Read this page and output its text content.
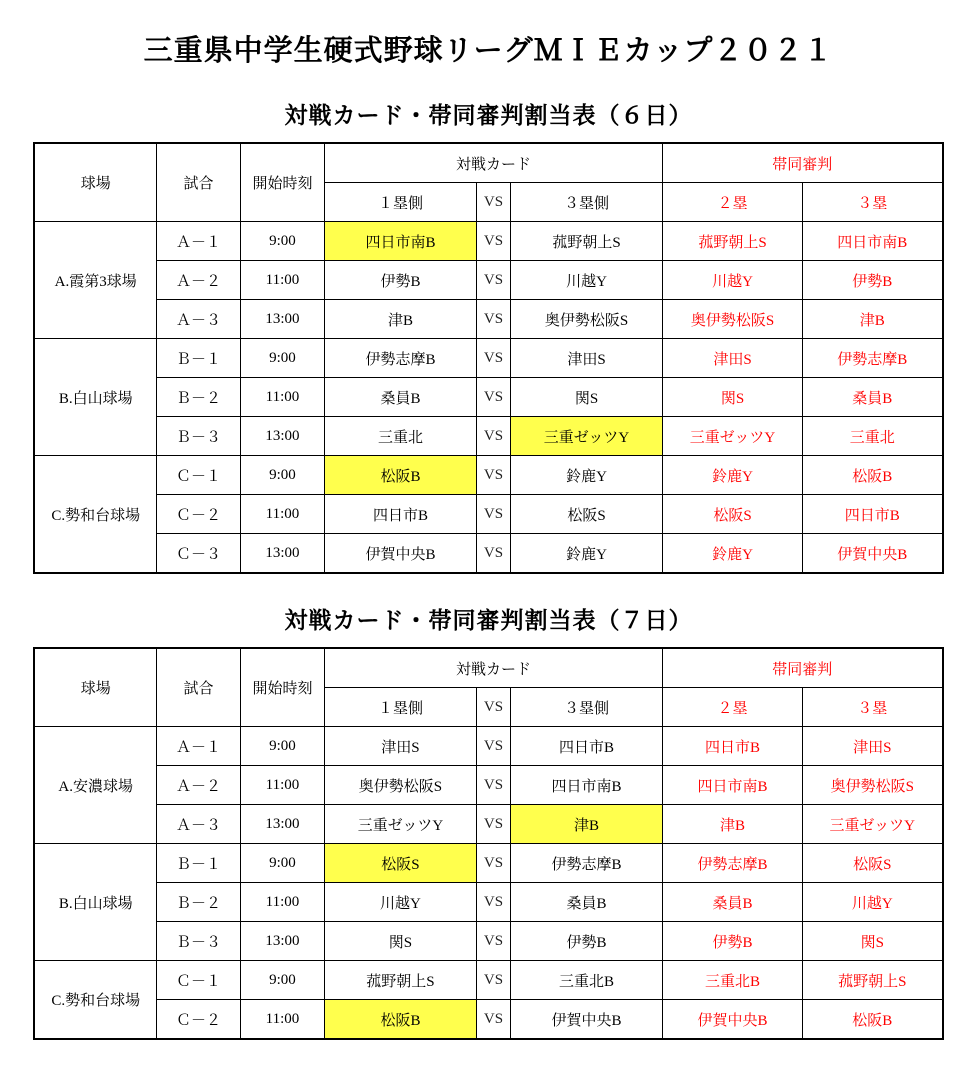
三重県中学生硬式野球リーグＭＩＥカップ２０２１
対戦カード・帯同審判割当表（６日）
球場	試合	開始時刻	対戦カード			帯同審判	
			１塁側	VS	３塁側	２塁	３塁
A.霞第3球場	Ａ－１	9:00	四日市南B	VS	菰野朝上S	菰野朝上S	四日市南B
	Ａ－２	11:00	伊勢B	VS	川越Y	川越Y	伊勢B
	Ａ－３	13:00	津B	VS	奥伊勢松阪S	奥伊勢松阪S	津B
B.白山球場	Ｂ－１	9:00	伊勢志摩B	VS	津田S	津田S	伊勢志摩B
	Ｂ－２	11:00	桑員B	VS	関S	関S	桑員B
	Ｂ－３	13:00	三重北	VS	三重ゼッツY	三重ゼッツY	三重北
C.勢和台球場	Ｃ－１	9:00	松阪B	VS	鈴鹿Y	鈴鹿Y	松阪B
	Ｃ－２	11:00	四日市B	VS	松阪S	松阪S	四日市B
	Ｃ－３	13:00	伊賀中央B	VS	鈴鹿Y	鈴鹿Y	伊賀中央B
対戦カード・帯同審判割当表（７日）
球場	試合	開始時刻	対戦カード			帯同審判	
			１塁側	VS	３塁側	２塁	３塁
A.安濃球場	Ａ－１	9:00	津田S	VS	四日市B	四日市B	津田S
	Ａ－２	11:00	奥伊勢松阪S	VS	四日市南B	四日市南B	奥伊勢松阪S
	Ａ－３	13:00	三重ゼッツY	VS	津B	津B	三重ゼッツY
B.白山球場	Ｂ－１	9:00	松阪S	VS	伊勢志摩B	伊勢志摩B	松阪S
	Ｂ－２	11:00	川越Y	VS	桑員B	桑員B	川越Y
	Ｂ－３	13:00	関S	VS	伊勢B	伊勢B	関S
C.勢和台球場	Ｃ－１	9:00	菰野朝上S	VS	三重北B	三重北B	菰野朝上S
	Ｃ－２	11:00	松阪B	VS	伊賀中央B	伊賀中央B	松阪B
